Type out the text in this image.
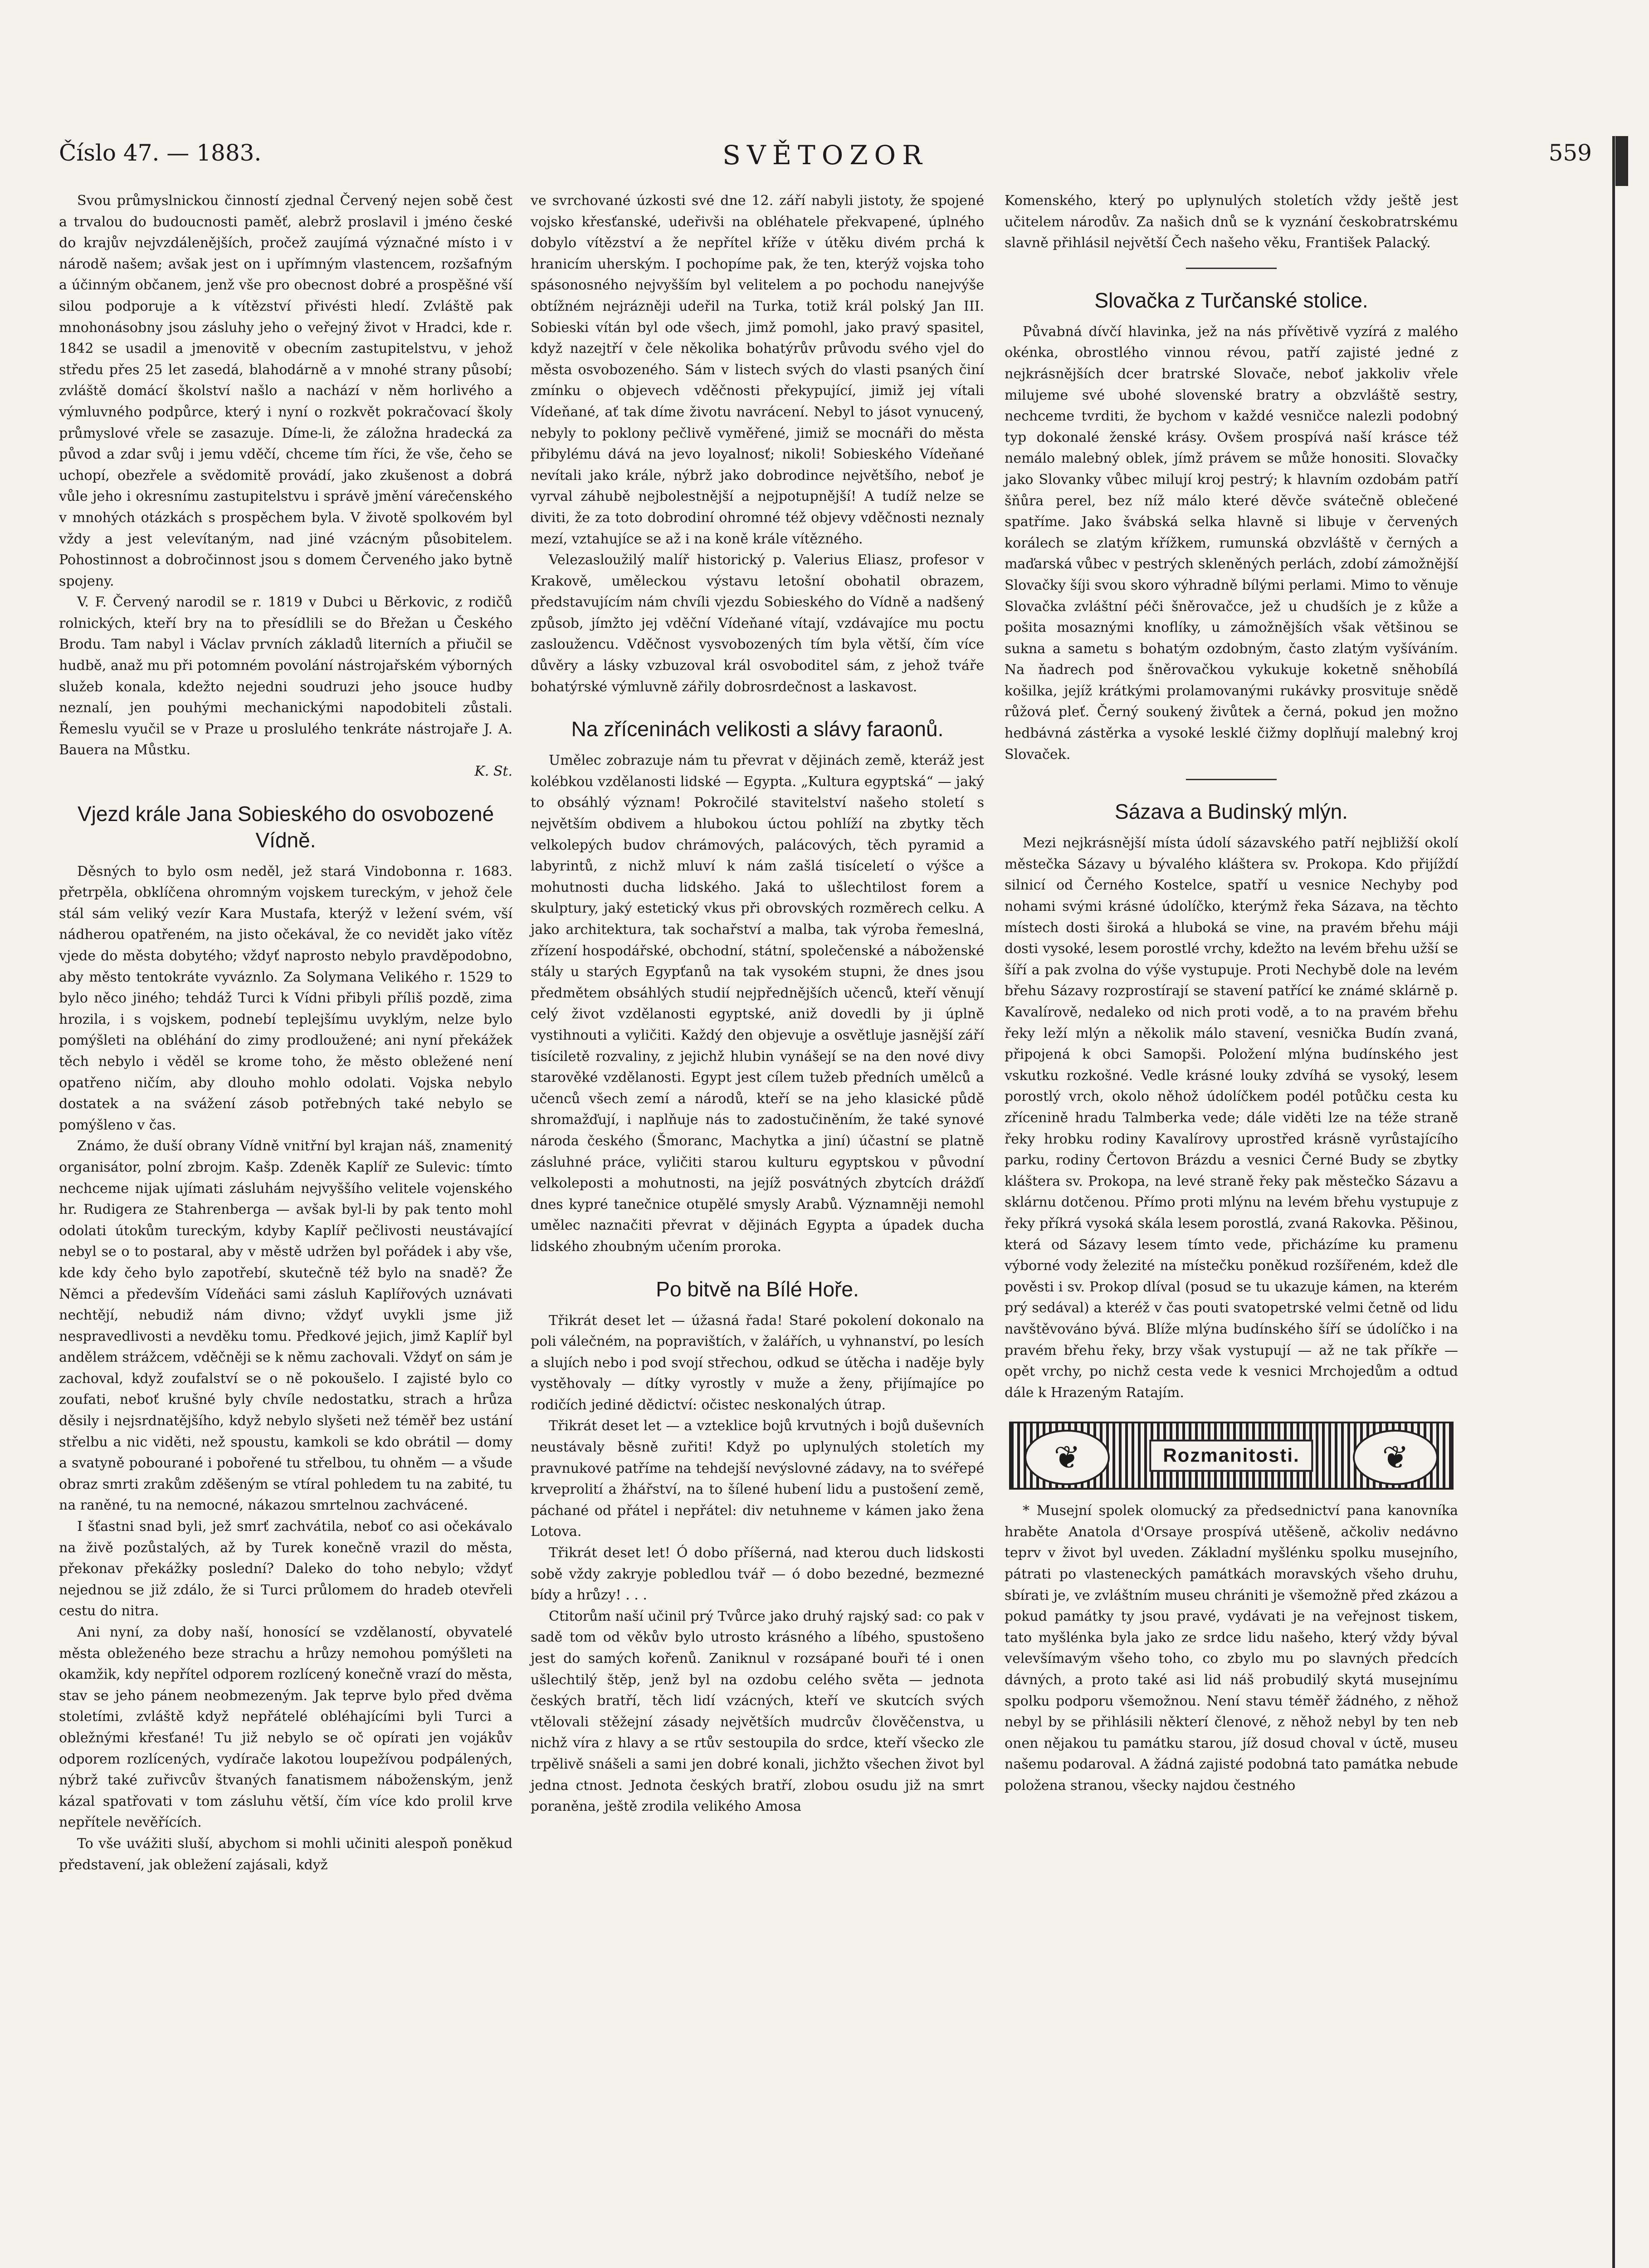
Číslo 47. — 1883.	SVĚTOZOR	559

Svou průmyslnickou činností zjednal Červený nejen sobě čest a trvalou do budoucnosti paměť, alebrž proslavil i jméno české do krajův nejvzdálenějších, pročež zaujímá význačné místo i v národě našem; avšak jest on i upřímným vlastencem, rozšafným a účinným občanem, jenž vše pro obecnost dobré a prospěšné vší silou podporuje a k vítězství přivésti hledí. Zvláště pak mnohonásobny jsou zásluhy jeho o veřejný život v Hradci, kde r. 1842 se usadil a jmenovitě v obecním zastupitelstvu, v jehož středu přes 25 let zasedá, blahodárně a v mnohé strany působí; zvláště domácí školství našlo a nachází v něm horlivého a výmluvného podpůrce, který i nyní o rozkvět pokračovací školy průmyslové vřele se zasazuje. Díme-li, že záložna hradecká za původ a zdar svůj i jemu vděčí, chceme tím říci, že vše, čeho se uchopí, obezřele a svědomitě provádí, jako zkušenost a dobrá vůle jeho i okresnímu zastupitelstvu i správě jmění várečenského v mnohých otázkách s prospěchem byla. V životě spolkovém byl vždy a jest velevítaným, nad jiné vzácným působitelem. Pohostinnost a dobročinnost jsou s domem Červeného jako bytně spojeny.

V. F. Červený narodil se r. 1819 v Dubci u Běrkovic, z rodičů rolnických, kteří bry na to přesídlili se do Břežan u Českého Brodu. Tam nabyl i Václav prvních základů literních a přiučil se hudbě, anaž mu při potomném povolání nástrojařském výborných služeb konala, kdežto nejedni soudruzi jeho jsouce hudby neznalí, jen pouhými mechanickými napodobiteli zůstali. Řemeslu vyučil se v Praze u proslulého tenkráte nástrojaře J. A. Bauera na Můstku.

K. St.
Vjezd krále Jana Sobieského do osvobozené Vídně.

Děsných to bylo osm neděl, jež stará Vindobonna r. 1683. přetrpěla, obklíčena ohromným vojskem tureckým, v jehož čele stál sám veliký vezír Kara Mustafa, kterýž v ležení svém, vší nádherou opatřeném, na jisto očekával, že co nevidět jako vítěz vjede do města dobytého; vždyť naprosto nebylo pravděpodobno, aby město tentokráte vyváznlo. Za Solymana Velikého r. 1529 to bylo něco jiného; tehdáž Turci k Vídni přibyli příliš pozdě, zima hrozila, i s vojskem, podnebí teplejšímu uvyklým, nelze bylo pomýšleti na obléhání do zimy prodloužené; ani nyní překážek těch nebylo i věděl se krome toho, že město obležené není opatřeno ničím, aby dlouho mohlo odolati. Vojska nebylo dostatek a na svážení zásob potřebných také nebylo se pomýšleno v čas.

Známo, že duší obrany Vídně vnitřní byl krajan náš, znamenitý organisátor, polní zbrojm. Kašp. Zdeněk Kaplíř ze Sulevic: tímto nechceme nijak ujímati zásluhám nejvyššího velitele vojenského hr. Rudigera ze Stahrenberga — avšak byl-li by pak tento mohl odolati útokům tureckým, kdyby Kaplíř pečlivosti neustávající nebyl se o to postaral, aby v městě udržen byl pořádek i aby vše, kde kdy čeho bylo zapotřebí, skutečně též bylo na snadě? Že Němci a především Vídeňáci sami zásluh Kaplířových uznávati nechtějí, nebudiž nám divno; vždyť uvykli jsme již nespravedlivosti a nevděku tomu. Předkové jejich, jimž Kaplíř byl andělem strážcem, vděčněji se k němu zachovali. Vždyť on sám je zachoval, když zoufalství se o ně pokoušelo. I zajisté bylo co zoufati, neboť krušné byly chvíle nedostatku, strach a hrůza děsily i nejsrdnatějšího, když nebylo slyšeti než téměř bez ustání střelbu a nic viděti, než spoustu, kamkoli se kdo obrátil — domy a svatyně pobourané i pobořené tu střelbou, tu ohněm — a všude obraz smrti zrakům zděšeným se vtíral pohledem tu na zabité, tu na raněné, tu na nemocné, nákazou smrtelnou zachvácené.

I šťastni snad byli, jež smrť zachvátila, neboť co asi očekávalo na živě pozůstalých, až by Turek konečně vrazil do města, překonav překážky poslední? Daleko do toho nebylo; vždyť nejednou se již zdálo, že si Turci průlomem do hradeb otevřeli cestu do nitra.

Ani nyní, za doby naší, honosící se vzdělaností, obyvatelé města obleženého beze strachu a hrůzy nemohou pomýšleti na okamžik, kdy nepřítel odporem rozlícený konečně vrazí do města, stav se jeho pánem neobmezeným. Jak teprve bylo před dvěma stoletími, zvláště když nepřátelé obléhajícími byli Turci a obležnými křesťané! Tu již nebylo se oč opírati jen vojákův odporem rozlícených, vydírače lakotou loupežívou podpálených, nýbrž také zuřivcův štvaných fanatismem náboženským, jenž kázal spatřovati v tom zásluhu větší, čím více kdo prolil krve nepřítele nevěřících.

To vše uvážiti sluší, abychom si mohli učiniti alespoň poněkud představení, jak obležení zajásali, když

ve svrchované úzkosti své dne 12. září nabyli jistoty, že spojené vojsko křesťanské, udeřivši na obléhatele překvapené, úplného dobylo vítězství a že nepřítel kříže v útěku divém prchá k hranicím uherským. I pochopíme pak, že ten, kterýž vojska toho spásonosného nejvyšším byl velitelem a po pochodu nanejvýše obtížném nejrázněji udeřil na Turka, totiž král polský Jan III. Sobieski vítán byl ode všech, jimž pomohl, jako pravý spasitel, když nazejtří v čele několika bohatýrův průvodu svého vjel do města osvobozeného. Sám v listech svých do vlasti psaných činí zmínku o objevech vděčnosti překypující, jimiž jej vítali Vídeňané, ať tak díme životu navrácení. Nebyl to jásot vynucený, nebyly to poklony pečlivě vyměřené, jimiž se mocnáři do města přibylému dává na jevo loyalnosť; nikoli! Sobieského Vídeňané nevítali jako krále, nýbrž jako dobrodince největšího, neboť je vyrval záhubě nejbolestnější a nejpotupnější! A tudíž nelze se diviti, že za toto dobrodiní ohromné též objevy vděčnosti neznaly mezí, vztahujíce se až i na koně krále vítězného.

Velezasloužilý malíř historický p. Valerius Eliasz, profesor v Krakově, uměleckou výstavu letošní obohatil obrazem, představujícím nám chvíli vjezdu Sobieského do Vídně a nadšený způsob, jímžto jej vděční Vídeňané vítají, vzdávajíce mu poctu zasloužencu. Vděčnost vysvobozených tím byla větší, čím více důvěry a lásky vzbuzoval král osvoboditel sám, z jehož tváře bohatýrské výmluvně zářily dobrosrdečnost a laskavost.

Na zříceninách velikosti a slávy faraonů.

Umělec zobrazuje nám tu převrat v dějinách země, kteráž jest kolébkou vzdělanosti lidské — Egypta. „Kultura egyptská“ — jaký to obsáhlý význam! Pokročilé stavitelství našeho století s největším obdivem a hlubokou úctou pohlíží na zbytky těch velkolepých budov chrámových, palácových, těch pyramid a labyrintů, z nichž mluví k nám zašlá tisíceletí o výšce a mohutnosti ducha lidského. Jaká to ušlechtilost forem a skulptury, jaký estetický vkus při obrovských rozměrech celku. A jako architektura, tak sochařství a malba, tak výroba řemeslná, zřízení hospodářské, obchodní, státní, společenské a náboženské stály u starých Egypťanů na tak vysokém stupni, že dnes jsou předmětem obsáhlých studií nejpřednějších učenců, kteří věnují celý život vzdělanosti egyptské, aniž dovedli by ji úplně vystihnouti a vyličiti. Každý den objevuje a osvětluje jasnější září tisíciletě rozvaliny, z jejichž hlubin vynášejí se na den nové divy starověké vzdělanosti. Egypt jest cílem tužeb předních umělců a učenců všech zemí a národů, kteří se na jeho klasické půdě shromažďují, i naplňuje nás to zadostučiněním, že také synové národa českého (Šmoranc, Machytka a jiní) účastní se platně zásluhné práce, vyličiti starou kulturu egyptskou v původní velkoleposti a mohutnosti, na jejíž posvátných zbytcích drážďí dnes kypré tanečnice otupělé smysly Arabů. Významněji nemohl umělec naznačiti převrat v dějinách Egypta a úpadek ducha lidského zhoubným učením proroka.

Po bitvě na Bílé Hoře.

Třikrát deset let — úžasná řada! Staré pokolení dokonalo na poli válečném, na popravištích, v žalářích, u vyhnanství, po lesích a slujích nebo i pod svojí střechou, odkud se útěcha i naděje byly vystěhovaly — dítky vyrostly v muže a ženy, přijímajíce po rodičích jediné dědictví: očistec neskonalých útrap.

Třikrát deset let — a vztekliсе bojů krvutných i bojů duševních neustávaly běsně zuřiti! Když po uplynulých stoletích my pravnukové patříme na tehdejší nevýslovné zádavy, na to svéřepé krveprolití a žhářství, na to šílené hubení lidu a pustošení země, páchané od přátel i nepřátel: div netuhneme v kámen jako žena Lotova.

Třikrát deset let! Ó dobo příšerná, nad kterou duch lidskosti sobě vždy zakryje pobledlou tvář — ó dobo bezedné, bezmezné bídy a hrůzy! . . .

Ctitorům naší učinil prý Tvůrce jako druhý rajský sad: co pak v sadě tom od věkův bylo utrosto krásného a líbého, spustošeno jest do samých kořenů. Zaniknul v rozsápané bouři té i onen ušlechtilý štěp, jenž byl na ozdobu celého světa — jednota českých bratří, těch lidí vzácných, kteří ve skutcích svých vtělovali stěžejní zásady největších mudrcův člověčenstva, u nichž víra z hlavy a se rtův sestoupila do srdce, kteří všecko zle trpělivě snášeli a sami jen dobré konali, jichžto všechen život byl jedna ctnost. Jednota českých bratří, zlobou osudu již na smrt poraněna, ještě zrodila velikého Amosa

Komenského, který po uplynulých stoletích vždy ještě jest učitelem národův. Za našich dnů se k vyznání českobratrskému slavně přihlásil největší Čech našeho věku, František Palacký.

Slovačka z Turčanské stolice.

Půvabná dívčí hlavinka, jež na nás přívětivě vyzírá z malého okénka, obrostlého vinnou révou, patří zajisté jedné z nejkrásnějších dcer bratrské Slovače, neboť jakkoliv vřele milujeme své ubohé slovenské bratry a obzvláště sestry, nechceme tvrditi, že bychom v každé vesničce nalezli podobný typ dokonalé ženské krásy. Ovšem prospívá naší krásce též nemálo malebný oblek, jímž právem se může honositi. Slovačky jako Slovanky vůbec milují kroj pestrý; k hlavním ozdobám patří šňůra perel, bez níž málo které děvče svátečně oblečené spatříme. Jako švábská selka hlavně si libuje v červených korálech se zlatým křížkem, rumunská obzvláště v černých a maďarská vůbec v pestrých skleněných perlách, zdobí zámožnější Slovačky šíji svou skoro výhradně bílými perlami. Mimo to věnuje Slovačka zvláštní péči šněrovačce, jež u chudších je z kůže a pošita mosaznými knoflíky, u zámožnějších však většinou se sukna a sametu s bohatým ozdobným, často zlatým vyšíváním. Na ňadrech pod šněrovačkou vykukuje koketně sněhobílá košilka, jejíž krátkými prolamovanými rukávky prosvituje snědě růžová pleť. Černý soukený živůtek a černá, pokud jen možno hedbávná zástěrka a vysoké lesklé čižmy doplňují malebný kroj Slovaček.

Sázava a Budinský mlýn.

Mezi nejkrásnější místa údolí sázavského patří nejbližší okolí městečka Sázavy u bývalého kláštera sv. Prokopa. Kdo přijíždí silnicí od Černého Kostelce, spatří u vesnice Nechyby pod nohami svými krásné údolíčko, kterýmž řeka Sázava, na těchto místech dosti široká a hluboká se vine, na pravém břehu máji dosti vysoké, lesem porostlé vrchy, kdežto na levém břehu užší se šíří a pak zvolna do výše vystupuje. Proti Nechybě dole na levém břehu Sázavy rozprostírají se stavení patřící ke známé sklárně p. Kavalírově, nedaleko od nich proti vodě, a to na pravém břehu řeky leží mlýn a několik málo stavení, vesnička Budín zvaná, připojená k obci Samopši. Položení mlýna budínského jest vskutku rozkošné. Vedle krásné louky zdvíhá se vysoký, lesem porostlý vrch, okolo něhož údolíčkem podél potůčku cesta ku zřícenině hradu Talmberka vede; dále viděti lze na téže straně řeky hrobku rodiny Kavalírovy uprostřed krásně vyrůstajícího parku, rodiny Čertovon Brázdu a vesnici Černé Budy se zbytky kláštera sv. Prokopa, na levé straně řeky pak městečko Sázavu a sklárnu dotčenou. Přímo proti mlýnu na levém břehu vystupuje z řeky příkrá vysoká skála lesem porostlá, zvaná Rakovka. Pěšinou, která od Sázavy lesem tímto vede, přicházíme ku pramenu výborné vody železité na místečku poněkud rozšířeném, kdež dle pověsti i sv. Prokop dlíval (posud se tu ukazuje kámen, na kterém prý sedával) a kteréž v čas pouti svatopetrské velmi četně od lidu navštěvováno bývá. Blíže mlýna budínského šíří se údolíčko i na pravém břehu řeky, brzy však vystupují — až ne tak příkře — opět vrchy, po nichž cesta vede k vesnici Mrchojedům a odtud dále k Hrazeným Ratajím.

❦	Rozmanitosti.	❦

* Musejní spolek olomucký za předsednictví pana kanovníka hraběte Anatola d'Orsaye prospívá utěšeně, ačkoliv nedávno teprv v život byl uveden. Základní myšlénku spolku musejního, pátrati po vlasteneckých památkách moravských všeho druhu, sbírati je, ve zvláštním museu chrániti je všemožně před zkázou a pokud památky ty jsou pravé, vydávati je na veřejnost tiskem, tato myšlénka byla jako ze srdce lidu našeho, který vždy býval velevšímavým všeho toho, co zbylo mu po slavných předcích dávných, a proto také asi lid náš probudilý skytá musejnímu spolku podporu všemožnou. Není stavu téměř žádného, z něhož nebyl by se přihlásili některí členové, z něhož nebyl by ten neb onen nějakou tu památku starou, jíž dosud choval v úctě, museu našemu podaroval. A žádná zajisté podobná tato památka nebude položena stranou, všecky najdou čestného
